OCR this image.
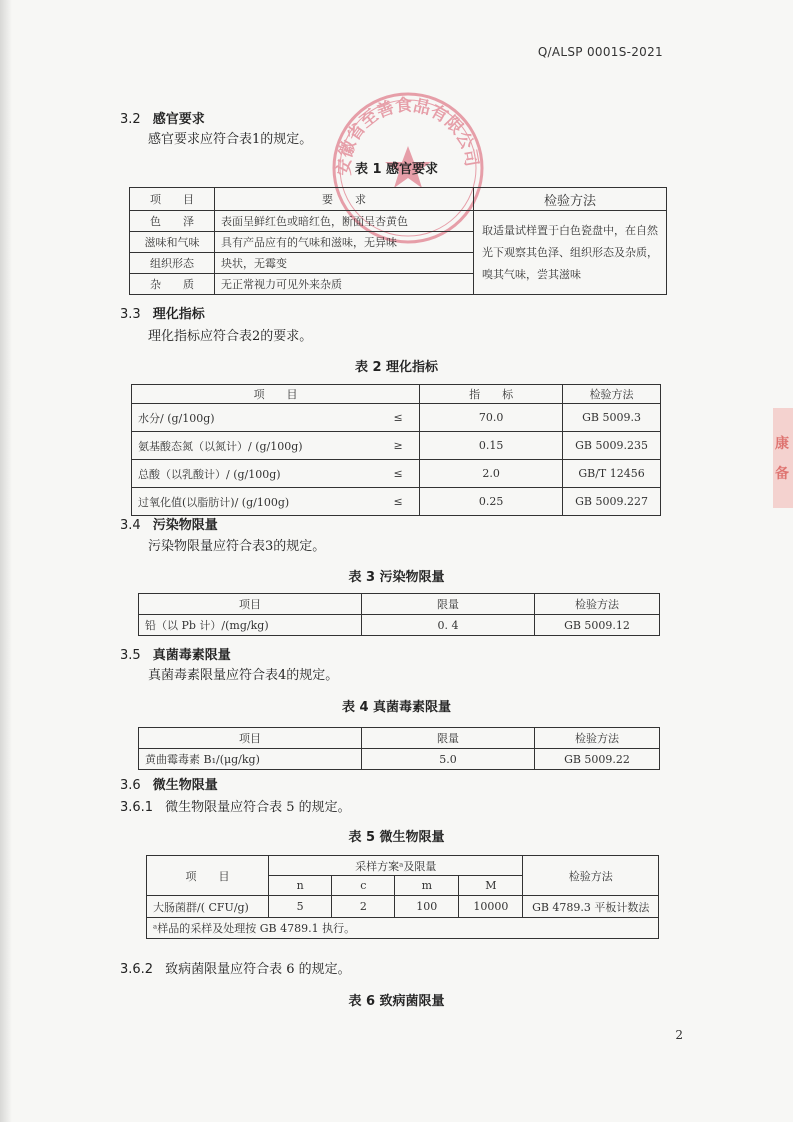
Q/ALSP 0001S-2021
安徽省至善食品有限公司
康
备
3.2 感官要求
感官要求应符合表1的规定。
表 1 感官要求
项　　目	要　　求	检验方法
色　　泽	表面呈鲜红色或暗红色，断面呈杏黄色	取适量试样置于白色瓷盘中，在自然光下观察其色泽、组织形态及杂质，嗅其气味，尝其滋味
滋味和气味	具有产品应有的气味和滋味，无异味	
组织形态	块状，无霉变	
杂　　质	无正常视力可见外来杂质	
3.3 理化指标
理化指标应符合表2的要求。
表 2 理化指标
项　　目		指　　标	检验方法
水分/ (g/100g)	≤	70.0	GB 5009.3
氨基酸态氮（以氮计）/ (g/100g)	≥	0.15	GB 5009.235
总酸（以乳酸计）/ (g/100g)	≤	2.0	GB/T 12456
过氧化值(以脂肪计)/ (g/100g)	≤	0.25	GB 5009.227
3.4 污染物限量
污染物限量应符合表3的规定。
表 3 污染物限量
项目	限量	检验方法
铅（以 Pb 计）/(mg/kg)	0. 4	GB 5009.12
3.5 真菌毒素限量
真菌毒素限量应符合表4的规定。
表 4 真菌毒素限量
项目	限量	检验方法
黄曲霉毒素 B₁/(μg/kg)	5.0	GB 5009.22
3.6 微生物限量
3.6.1 微生物限量应符合表 5 的规定。
表 5 微生物限量
项　　目	采样方案ᵃ及限量				检验方法
	n	c	m	M	
大肠菌群/( CFU/g)	5	2	100	10000	GB 4789.3 平板计数法
ᵃ样品的采样及处理按 GB 4789.1 执行。					
3.6.2 致病菌限量应符合表 6 的规定。
表 6 致病菌限量
2
